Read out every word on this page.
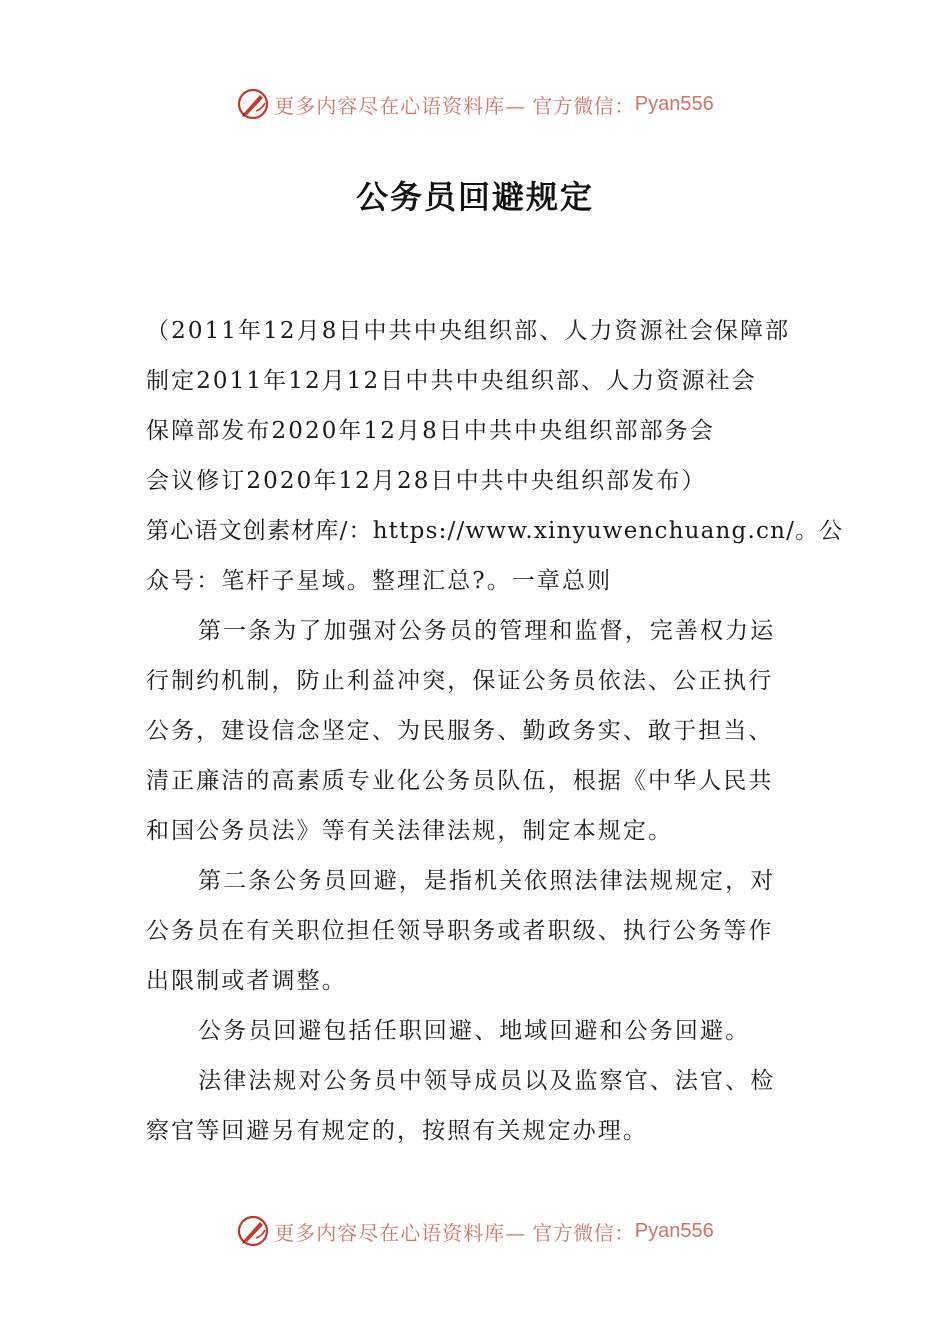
更多内容尽在心语资料库— 官方微信： Pyan556
公务员回避规定
（2011年12月8日中共中央组织部、人力资源社会保障部
制定2011年12月12日中共中央组织部、人力资源社会
保障部发布2020年12月8日中共中央组织部部务会
会议修订2020年12月28日中共中央组织部发布）
第心语文创素材库/：https://www.xinyuwenchuang.cn/。公
众号：笔杆子星域。整理汇总?。一章总则
第一条为了加强对公务员的管理和监督，完善权力运
行制约机制，防止利益冲突，保证公务员依法、公正执行
公务，建设信念坚定、为民服务、勤政务实、敢于担当、
清正廉洁的高素质专业化公务员队伍，根据《中华人民共
和国公务员法》等有关法律法规，制定本规定。
第二条公务员回避，是指机关依照法律法规规定，对
公务员在有关职位担任领导职务或者职级、执行公务等作
出限制或者调整。
公务员回避包括任职回避、地域回避和公务回避。
法律法规对公务员中领导成员以及监察官、法官、检
察官等回避另有规定的，按照有关规定办理。
更多内容尽在心语资料库— 官方微信： Pyan556
